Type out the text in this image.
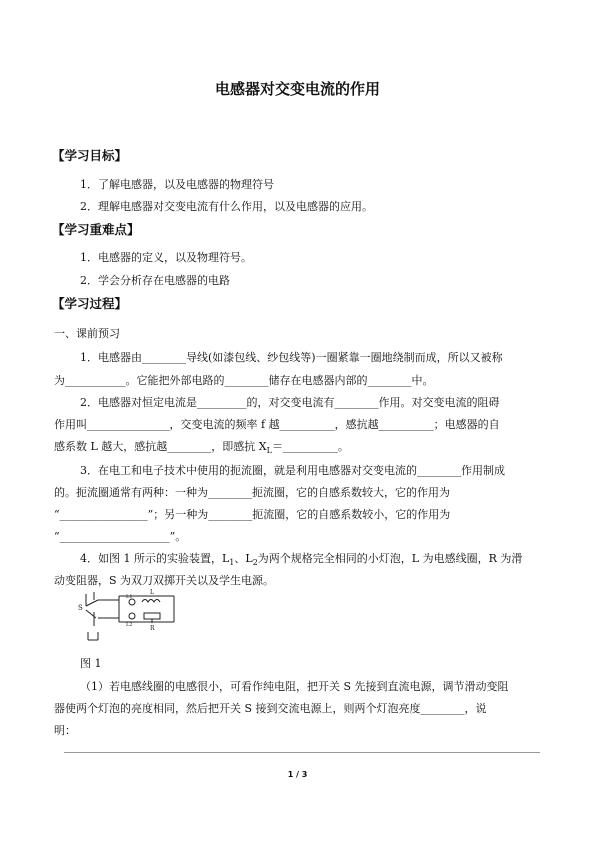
电感器对交变电流的作用
【学习目标】
1．了解电感器，以及电感器的物理符号
2．理解电感器对交变电流有什么作用，以及电感器的应用。
【学习重难点】
1．电感器的定义，以及物理符号。
2．学会分析存在电感器的电路
【学习过程】
一、课前预习
1．电感器由________导线(如漆包线、纱包线等)一圈紧靠一圈地绕制而成，所以又被称
为___________。它能把外部电路的________储存在电感器内部的________中。
2．电感器对恒定电流是_________的，对交变电流有________作用。对交变电流的阻碍
作用叫_______________，交变电流的频率 f 越__________，感抗越__________；电感器的自
感系数 L 越大，感抗越________，即感抗 $X_L=\_\_\_\_\_\_\_\_\_\_$。
3．在电工和电子技术中使用的扼流圈，就是利用电感器对交变电流的________作用制成
的。扼流圈通常有两种：一种为________扼流圈，它的自感系数较大，它的作用为
“________________”；另一种为________扼流圈，它的自感系数较小，它的作用为
“____________________”。
4．如图 1 所示的实验装置，$L_1$、$L_2$为两个规格完全相同的小灯泡，L 为电感线圈，R 为滑
动变阻器，S 为双刀双掷开关以及学生电源。
S
L1
L2
L
R
图 1
（1）若电感线圈的电感很小，可看作纯电阻，把开关 S 先接到直流电源，调节滑动变阻
器使两个灯泡的亮度相同，然后把开关 S 接到交流电源上，则两个灯泡亮度________，说
明：
1 / 3
